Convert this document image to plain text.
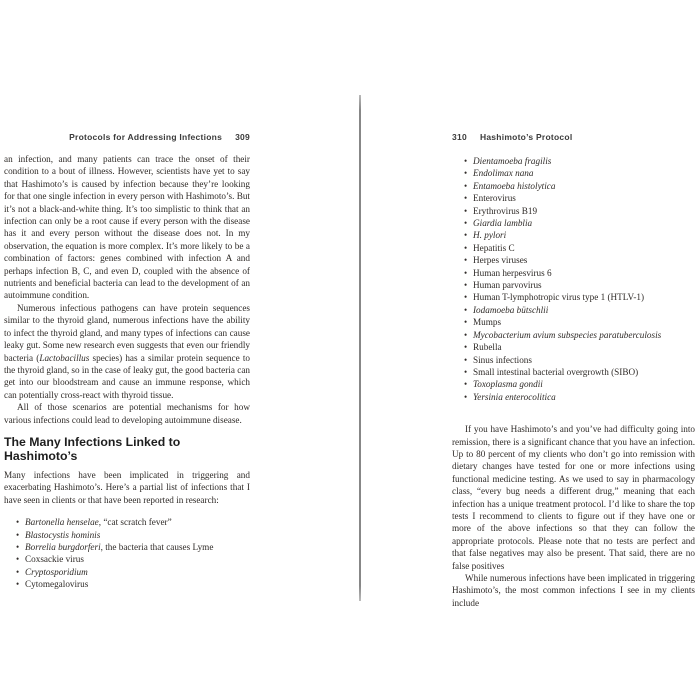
Protocols for Addressing Infections 309

an infection, and many patients can trace the onset of their condition to a bout of illness. However, scientists have yet to say that Hashimoto’s is caused by infection because they’re looking for that one single infection in every person with Hashimoto’s. But it’s not a black-and-white thing. It’s too simplistic to think that an infection can only be a root cause if every person with the disease has it and every person without the disease does not. In my observation, the equation is more complex. It’s more likely to be a combination of factors: genes combined with infection A and perhaps infection B, C, and even D, coupled with the absence of nutrients and beneficial bacteria can lead to the development of an autoimmune condition.

Numerous infectious pathogens can have protein sequences similar to the thyroid gland, numerous infections have the ability to infect the thyroid gland, and many types of infections can cause leaky gut. Some new research even suggests that even our friendly bacteria (Lactobacillus species) has a similar protein sequence to the thyroid gland, so in the case of leaky gut, the good bacteria can get into our bloodstream and cause an immune response, which can potentially cross-react with thyroid tissue.

All of those scenarios are potential mechanisms for how various infections could lead to developing autoimmune disease.

The Many Infections Linked to Hashimoto’s

Many infections have been implicated in triggering and exacerbating Hashimoto’s. Here’s a partial list of infections that I have seen in clients or that have been reported in research:

• Bartonella henselae, “cat scratch fever”
• Blastocystis hominis
• Borrelia burgdorferi, the bacteria that causes Lyme
• Coxsackie virus
• Cryptosporidium
• Cytomegalovirus
310 Hashimoto’s Protocol
• Dientamoeba fragilis
• Endolimax nana
• Entamoeba histolytica
• Enterovirus
• Erythrovirus B19
• Giardia lamblia
• H. pylori
• Hepatitis C
• Herpes viruses
• Human herpesvirus 6
• Human parvovirus
• Human T-lymphotropic virus type 1 (HTLV-1)
• Iodamoeba bütschlii
• Mumps
• Mycobacterium avium subspecies paratuberculosis
• Rubella
• Sinus infections
• Small intestinal bacterial overgrowth (SIBO)
• Toxoplasma gondii
• Yersinia enterocolitica

If you have Hashimoto’s and you’ve had difficulty going into remission, there is a significant chance that you have an infection. Up to 80 percent of my clients who don’t go into remission with dietary changes have tested for one or more infections using functional medicine testing. As we used to say in pharmacology class, “every bug needs a different drug,” meaning that each infection has a unique treatment protocol. I’d like to share the top tests I recommend to clients to figure out if they have one or more of the above infections so that they can follow the appropriate protocols. Please note that no tests are perfect and that false negatives may also be present. That said, there are no false positives

While numerous infections have been implicated in triggering Hashimoto’s, the most common infections I see in my clients include
